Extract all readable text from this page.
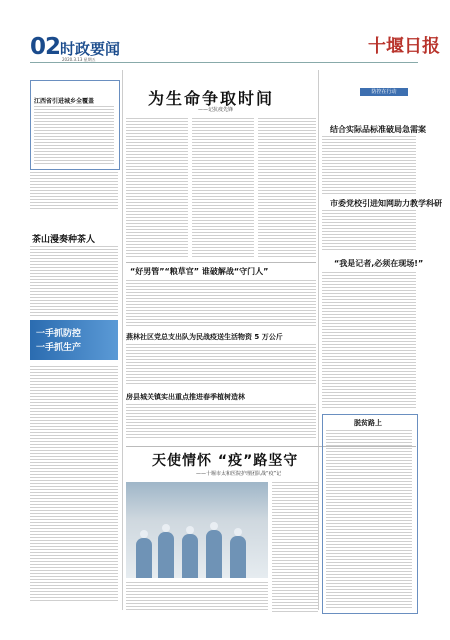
02 时政要闻
2020.3.13 星期五
十堰日报
江西省引进城乡全覆盖
茶山漫奏种茶人
一手抓防控
一手抓生产
为生命争取时间
——记抗疫先锋
防控在行动
结合实际品标准破局急需案
市委党校引进知网助力教学科研
“我是记者,必须在现场!”
“好男管”“粮草官” 谁破解战“守门人”
燕林社区党总支出队为民战疫送生活物资 5 万公斤
房县城关镇实出重点推进春季植树造林
天使情怀 “疫”路坚守
——十堰市太和医院护理团队战“疫”记
脱贫路上
